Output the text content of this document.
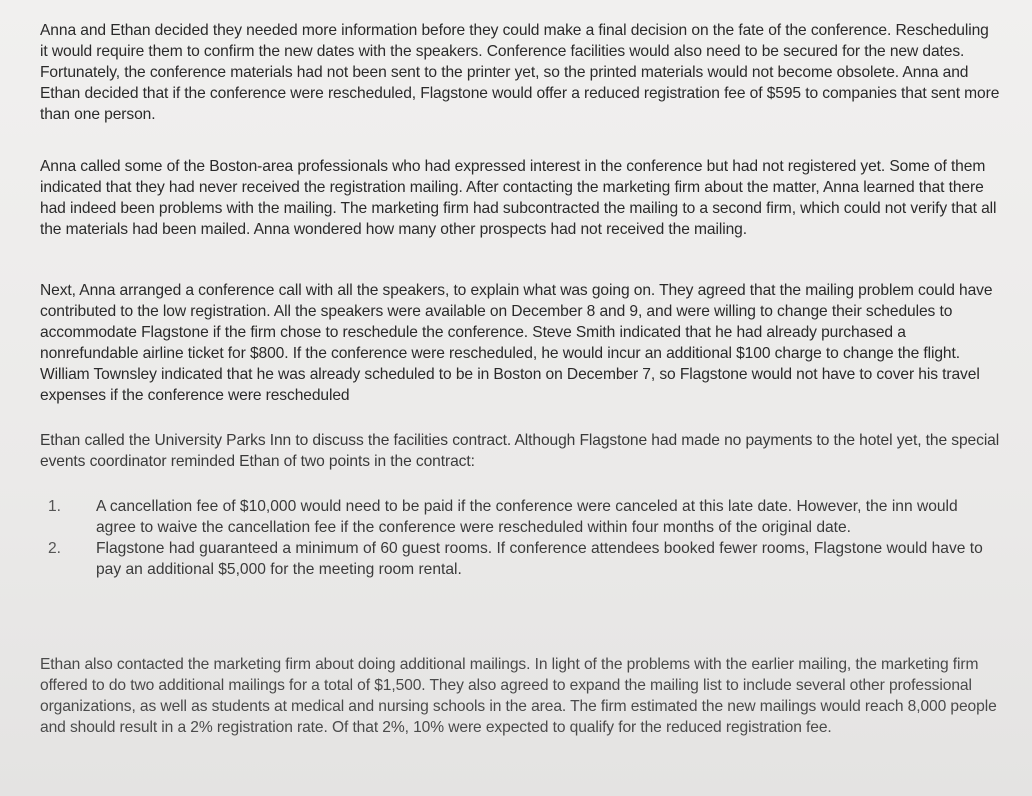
Anna and Ethan decided they needed more information before they could make a final decision on the fate of the conference. Rescheduling it would require them to confirm the new dates with the speakers. Conference facilities would also need to be secured for the new dates. Fortunately, the conference materials had not been sent to the printer yet, so the printed materials would not become obsolete. Anna and Ethan decided that if the conference were rescheduled, Flagstone would offer a reduced registration fee of $595 to companies that sent more than one person.

Anna called some of the Boston-area professionals who had expressed interest in the conference but had not registered yet. Some of them indicated that they had never received the registration mailing. After contacting the marketing firm about the matter, Anna learned that there had indeed been problems with the mailing. The marketing firm had subcontracted the mailing to a second firm, which could not verify that all the materials had been mailed. Anna wondered how many other prospects had not received the mailing.

Next, Anna arranged a conference call with all the speakers, to explain what was going on. They agreed that the mailing problem could have contributed to the low registration. All the speakers were available on December 8 and 9, and were willing to change their schedules to accommodate Flagstone if the firm chose to reschedule the conference. Steve Smith indicated that he had already purchased a nonrefundable airline ticket for $800. If the conference were rescheduled, he would incur an additional $100 charge to change the flight. William Townsley indicated that he was already scheduled to be in Boston on December 7, so Flagstone would not have to cover his travel expenses if the conference were rescheduled

Ethan called the University Parks Inn to discuss the facilities contract. Although Flagstone had made no payments to the hotel yet, the special events coordinator reminded Ethan of two points in the contract:

1. A cancellation fee of $10,000 would need to be paid if the conference were canceled at this late date. However, the inn would agree to waive the cancellation fee if the conference were rescheduled within four months of the original date.
2. Flagstone had guaranteed a minimum of 60 guest rooms. If conference attendees booked fewer rooms, Flagstone would have to pay an additional $5,000 for the meeting room rental.

Ethan also contacted the marketing firm about doing additional mailings. In light of the problems with the earlier mailing, the marketing firm offered to do two additional mailings for a total of $1,500. They also agreed to expand the mailing list to include several other professional organizations, as well as students at medical and nursing schools in the area. The firm estimated the new mailings would reach 8,000 people and should result in a 2% registration rate. Of that 2%, 10% were expected to qualify for the reduced registration fee.
